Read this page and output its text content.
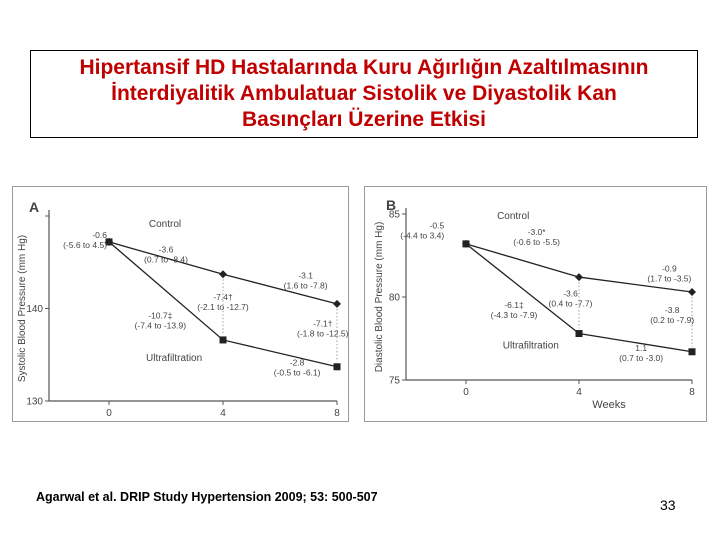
Hipertansif HD Hastalarında Kuru Ağırlığın Azaltılmasının
İnterdiyalitik Ambulatuar Sistolik ve Diyastolik Kan
Basınçları Üzerine Etkisi

A
140
130
0	4	8
Systolic Blood Pressure (mm Hg)
Control
Ultrafiltration
-0.6 (-5.6 to 4.5)	-3.6 (0.7 to -8.4)
-3.1 (1.6 to -7.8)
-7.4† (-2.1 to -12.7)
-10.7‡ (-7.4 to -13.9)	-7.1† (-1.8 to -12.5)
-2.8 (-0.5 to -6.1)
B
85
80
75
0	4	8
Diastolic Blood Pressure (mm Hg)
Weeks
Control
Ultrafiltration
-0.5 (-4.4 to 3.4)	-3.0* (-0.6 to -5.5)
-0.9 (1.7 to -3.5)
-3.6 (0.4 to -7.7)
-6.1‡ (-4.3 to -7.9)
-3.8 (0.2 to -7.9)
1.1 (0.7 to -3.0)
Agarwal et al. DRIP Study Hypertension 2009; 53: 500-507	33
